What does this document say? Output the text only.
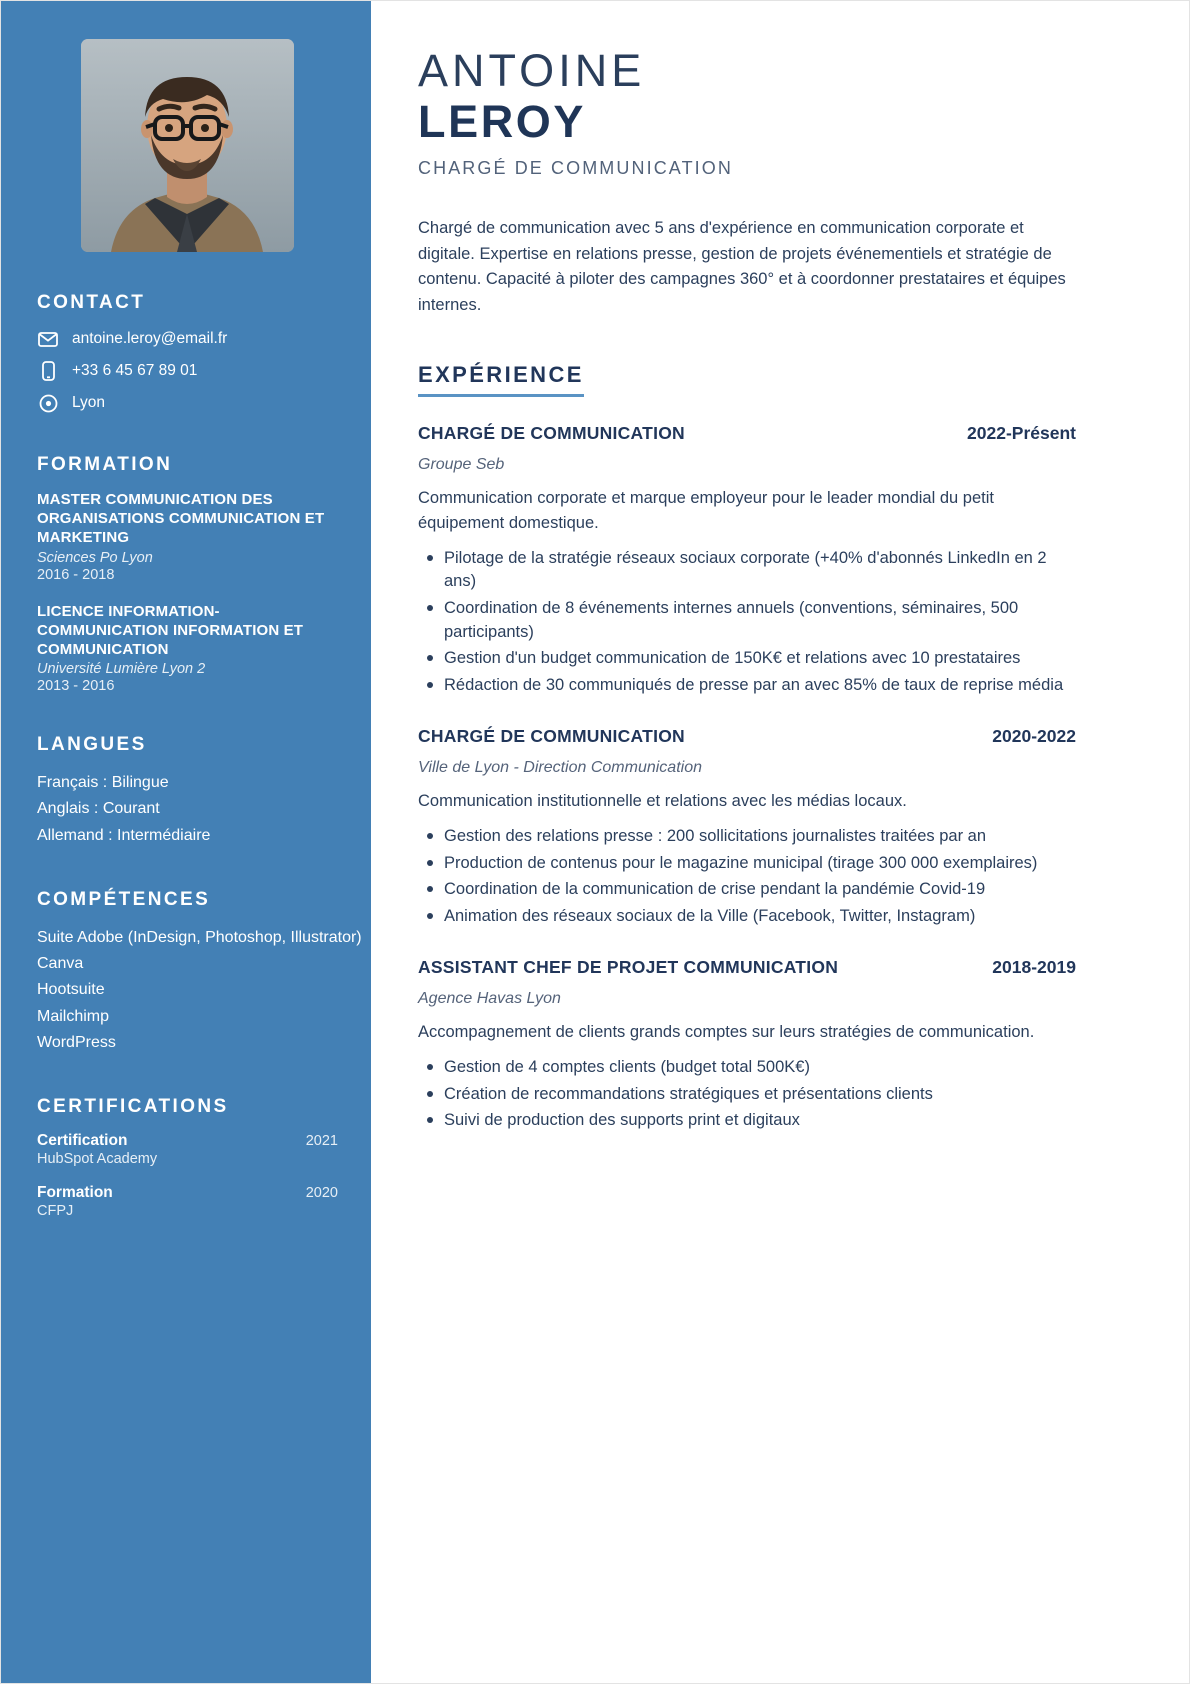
CONTACT
antoine.leroy@email.fr
+33 6 45 67 89 01
Lyon
FORMATION
MASTER COMMUNICATION DES ORGANISATIONS COMMUNICATION ET MARKETING
Sciences Po Lyon
2016 - 2018
LICENCE INFORMATION-COMMUNICATION INFORMATION ET COMMUNICATION
Université Lumière Lyon 2
2013 - 2016
LANGUES
Français : Bilingue
Anglais : Courant
Allemand : Intermédiaire
COMPÉTENCES
Suite Adobe (InDesign, Photoshop, Illustrator)
Canva
Hootsuite
Mailchimp
WordPress
CERTIFICATIONS
Certification	2021
HubSpot Academy
Formation	2020
CFPJ
ANTOINE
LEROY
CHARGÉ DE COMMUNICATION

Chargé de communication avec 5 ans d'expérience en communication corporate et digitale. Expertise en relations presse, gestion de projets événementiels et stratégie de contenu. Capacité à piloter des campagnes 360° et à coordonner prestataires et équipes internes.

EXPÉRIENCE
CHARGÉ DE COMMUNICATION	2022-Présent
Groupe Seb

Communication corporate et marque employeur pour le leader mondial du petit équipement domestique.

Pilotage de la stratégie réseaux sociaux corporate (+40% d'abonnés LinkedIn en 2 ans)
Coordination de 8 événements internes annuels (conventions, séminaires, 500 participants)
Gestion d'un budget communication de 150K€ et relations avec 10 prestataires
Rédaction de 30 communiqués de presse par an avec 85% de taux de reprise média
CHARGÉ DE COMMUNICATION	2020-2022
Ville de Lyon - Direction Communication

Communication institutionnelle et relations avec les médias locaux.

Gestion des relations presse : 200 sollicitations journalistes traitées par an
Production de contenus pour le magazine municipal (tirage 300 000 exemplaires)
Coordination de la communication de crise pendant la pandémie Covid-19
Animation des réseaux sociaux de la Ville (Facebook, Twitter, Instagram)
ASSISTANT CHEF DE PROJET COMMUNICATION	2018-2019
Agence Havas Lyon

Accompagnement de clients grands comptes sur leurs stratégies de communication.

Gestion de 4 comptes clients (budget total 500K€)
Création de recommandations stratégiques et présentations clients
Suivi de production des supports print et digitaux
